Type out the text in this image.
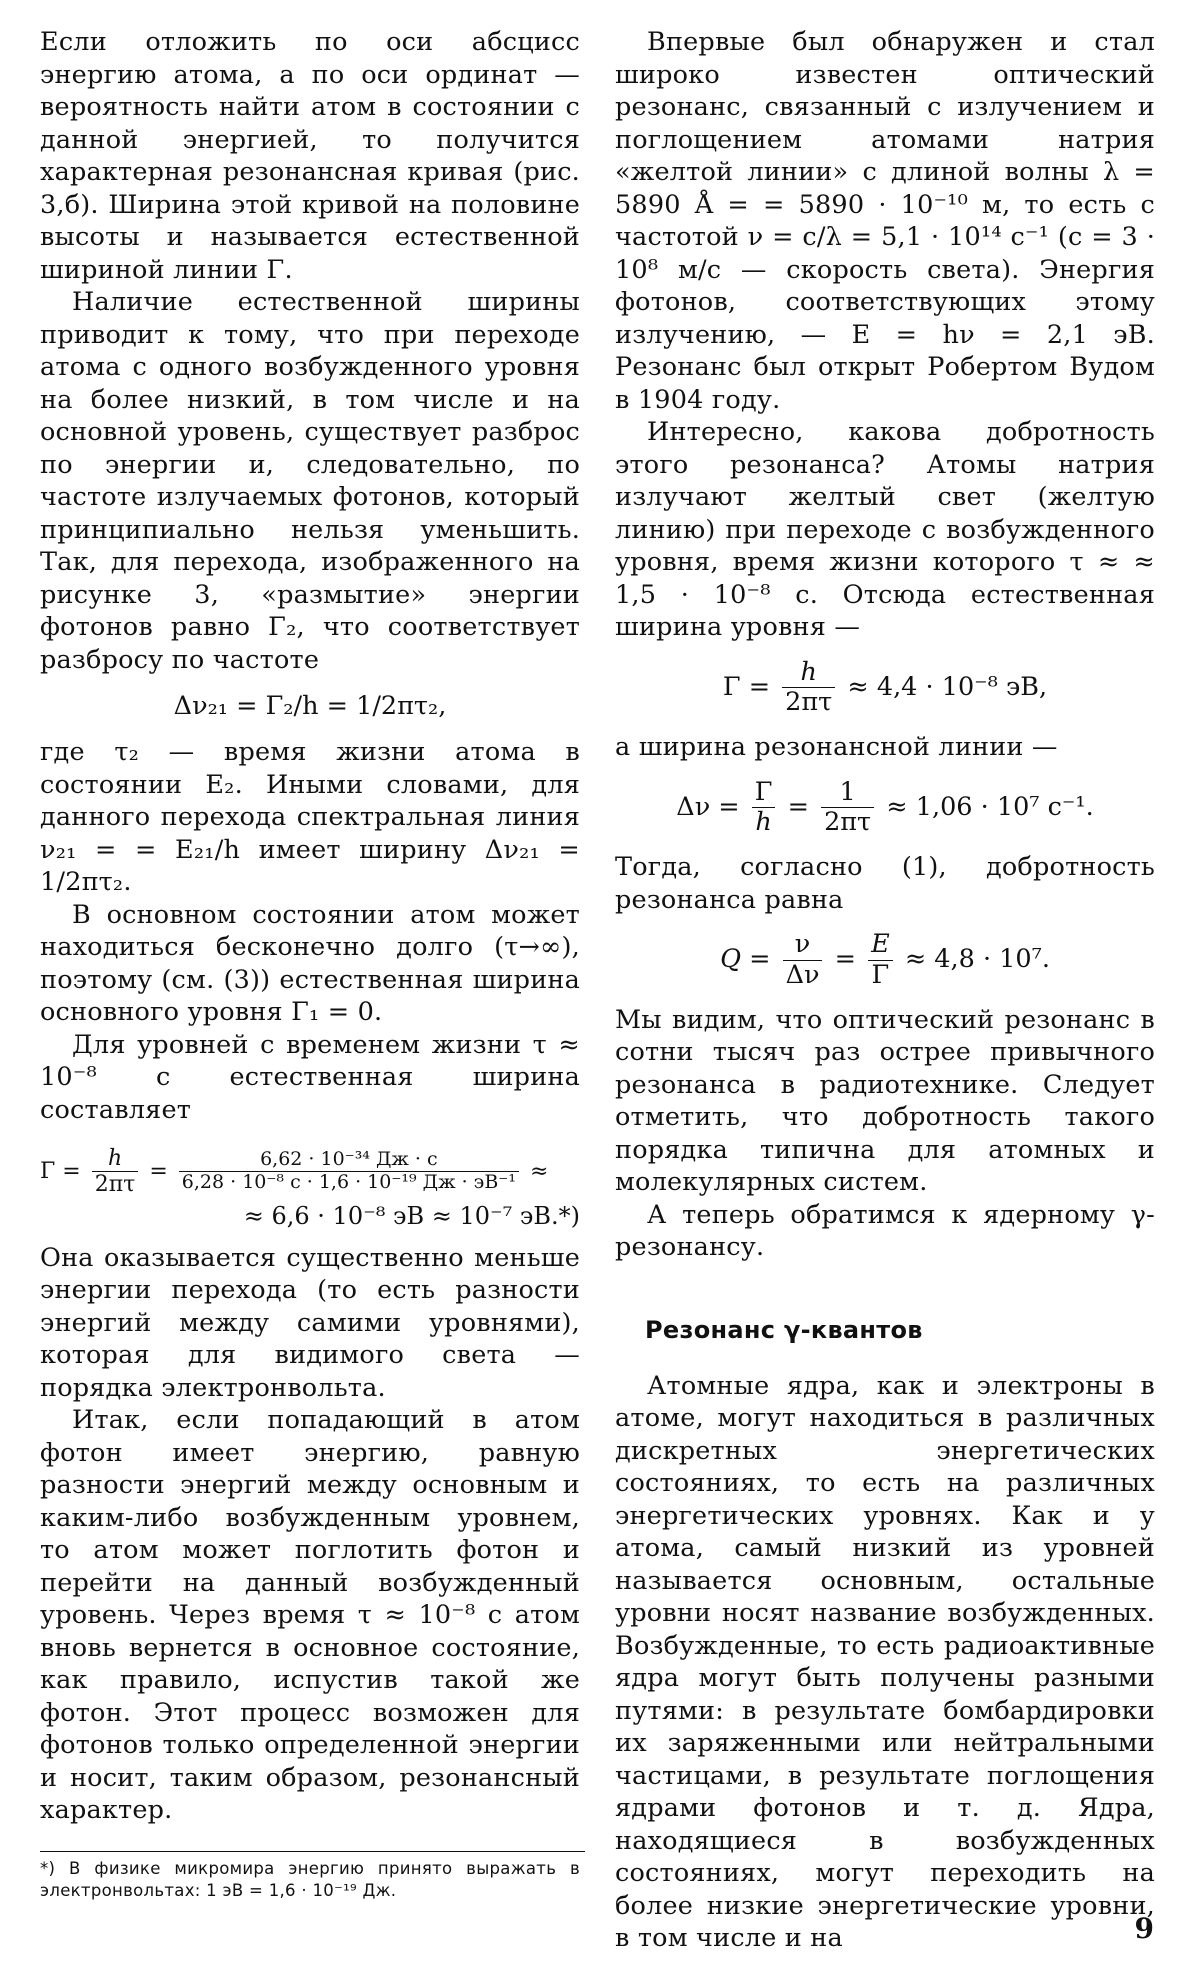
Если отложить по оси абсцисс энергию атома, а по оси ординат — вероятность найти атом в состоянии с данной энергией, то получится характерная резонансная кривая (рис. 3,б). Ширина этой кривой на половине высоты и называется естественной шириной линии Γ.

Наличие естественной ширины приводит к тому, что при переходе атома с одного возбужденного уровня на более низкий, в том числе и на основной уровень, существует разброс по энергии и, следовательно, по частоте излучаемых фотонов, который принципиально нельзя уменьшить. Так, для перехода, изображенного на рисунке 3, «размытие» энергии фотонов равно Γ₂, что соответствует разбросу по частоте

Δν₂₁ = Γ₂/h = 1/2πτ₂,

где τ₂ — время жизни атома в состоянии E₂. Иными словами, для данного перехода спектральная линия ν₂₁ = = E₂₁/h имеет ширину Δν₂₁ = 1/2πτ₂.

В основном состоянии атом может находиться бесконечно долго (τ→∞), поэтому (см. (3)) естественная ширина основного уровня Γ₁ = 0.

Для уровней с временем жизни τ ≈ 10⁻⁸ с естественная ширина составляет

$\Gamma = \frac{h}{2\pi\tau} = \frac{\text{6,62 · 10⁻³⁴ Дж · с}}{\text{6,28 · 10⁻⁸ с · 1,6 · 10⁻¹⁹ Дж · эВ⁻¹}}$ ≈
≈ 6,6 · 10⁻⁸ эВ ≈ 10⁻⁷ эВ.*)

Она оказывается существенно меньше энергии перехода (то есть разности энергий между самими уровнями), которая для видимого света — порядка электронвольта.

Итак, если попадающий в атом фотон имеет энергию, равную разности энергий между основным и каким-либо возбужденным уровнем, то атом может поглотить фотон и перейти на данный возбужденный уровень. Через время τ ≈ 10⁻⁸ с атом вновь вернется в основное состояние, как правило, испустив такой же фотон. Этот процесс возможен для фотонов только определенной энергии и носит, таким образом, резонансный характер.

*) В физике микромира энергию принято выражать в электронвольтах: 1 эВ = 1,6 · 10⁻¹⁹ Дж.

Впервые был обнаружен и стал широко известен оптический резонанс, связанный с излучением и поглощением атомами натрия «желтой линии» с длиной волны λ = 5890 Å = = 5890 · 10⁻¹⁰ м, то есть с частотой ν = c/λ = 5,1 · 10¹⁴ с⁻¹ (c = 3 · 10⁸ м/с — скорость света). Энергия фотонов, соответствующих этому излучению, — E = hν = 2,1 эВ. Резонанс был открыт Робертом Вудом в 1904 году.

Интересно, какова добротность этого резонанса? Атомы натрия излучают желтый свет (желтую линию) при переходе с возбужденного уровня, время жизни которого τ ≈ ≈ 1,5 · 10⁻⁸ с. Отсюда естественная ширина уровня —

$\Gamma = \frac{h}{2\pi\tau} \approx 4,4 \cdot 10^{-8}$ эВ,

а ширина резонансной линии —

$\Delta\nu = \frac{\Gamma}{h} = \frac{1}{2\pi\tau} \approx 1,06 \cdot 10^7$ с⁻¹.

Тогда, согласно (1), добротность резонанса равна

$Q = \frac{\nu}{\Delta\nu} = \frac{E}{\Gamma} \approx 4,8 \cdot 10^7$.

Мы видим, что оптический резонанс в сотни тысяч раз острее привычного резонанса в радиотехнике. Следует отметить, что добротность такого порядка типична для атомных и молекулярных систем.

А теперь обратимся к ядерному γ-резонансу.

Резонанс γ-квантов

Атомные ядра, как и электроны в атоме, могут находиться в различных дискретных энергетических состояниях, то есть на различных энергетических уровнях. Как и у атома, самый низкий из уровней называется основным, остальные уровни носят название возбужденных. Возбужденные, то есть радиоактивные ядра могут быть получены разными путями: в результате бомбардировки их заряженными или нейтральными частицами, в результате поглощения ядрами фотонов и т. д. Ядра, находящиеся в возбужденных состояниях, могут переходить на более низкие энергетические уровни, в том числе и на	9
